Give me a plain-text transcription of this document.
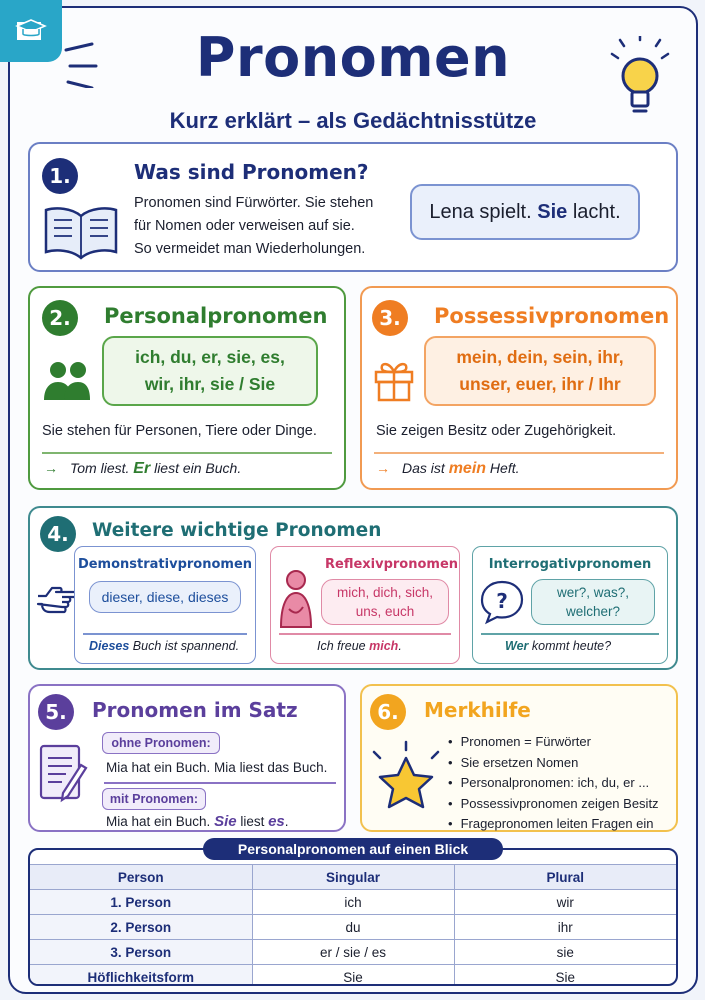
Pronomen
Kurz erklärt – als Gedächtnisstütze
1.	Was sind Pronomen?
Pronomen sind Fürwörter. Sie stehen
für Nomen oder verweisen auf sie.
So vermeidet man Wiederholungen.
Lena spielt. Sie lacht.
2.	Personalpronomen
ich, du, er, sie, es,
wir, ihr, sie / Sie
Sie stehen für Personen, Tiere oder Dinge.
→ Tom liest. Er liest ein Buch.
3.	Possessivpronomen
mein, dein, sein, ihr,
unser, euer, ihr / Ihr
Sie zeigen Besitz oder Zugehörigkeit.
→ Das ist mein Heft.
4.	Weitere wichtige Pronomen
Demonstrativpronomen
dieser, diese, dieses
Dieses Buch ist spannend.
Reflexivpronomen
mich, dich, sich,
uns, euch
Ich freue mich.
Interrogativpronomen
?	wer?, was?,
welcher?
Wer kommt heute?
5.	Pronomen im Satz
ohne Pronomen:
Mia hat ein Buch. Mia liest das Buch.
mit Pronomen:
Mia hat ein Buch. Sie liest es.
6.	Merkhilfe
• Pronomen = Fürwörter
• Sie ersetzen Nomen
• Personalpronomen: ich, du, er ...
• Possessivpronomen zeigen Besitz
• Fragepronomen leiten Fragen ein
Person	Singular	Plural
1. Person	ich	wir
2. Person	du	ihr
3. Person	er / sie / es	sie
Höflichkeitsform	Sie	Sie
Personalpronomen auf einen Blick
